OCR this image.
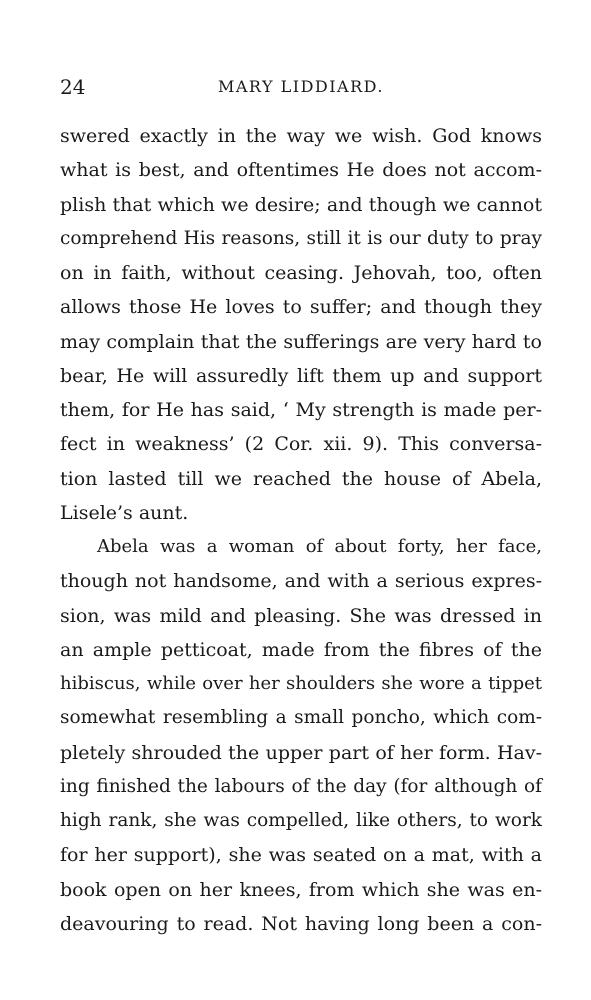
24	MARY LIDDIARD.
swered exactly in the way we wish. God knows
what is best, and oftentimes He does not accom-
plish that which we desire; and though we cannot
comprehend His reasons, still it is our duty to pray
on in faith, without ceasing. Jehovah, too, often
allows those He loves to suffer; and though they
may complain that the sufferings are very hard to
bear, He will assuredly lift them up and support
them, for He has said, ‘ My strength is made per-
fect in weakness’ (2 Cor. xii. 9). This conversa-
tion lasted till we reached the house of Abela,
Lisele’s aunt.
Abela was a woman of about forty, her face,
though not handsome, and with a serious expres-
sion, was mild and pleasing. She was dressed in
an ample petticoat, made from the fibres of the
hibiscus, while over her shoulders she wore a tippet
somewhat resembling a small poncho, which com-
pletely shrouded the upper part of her form. Hav-
ing finished the labours of the day (for although of
high rank, she was compelled, like others, to work
for her support), she was seated on a mat, with a
book open on her knees, from which she was en-
deavouring to read. Not having long been a con-
